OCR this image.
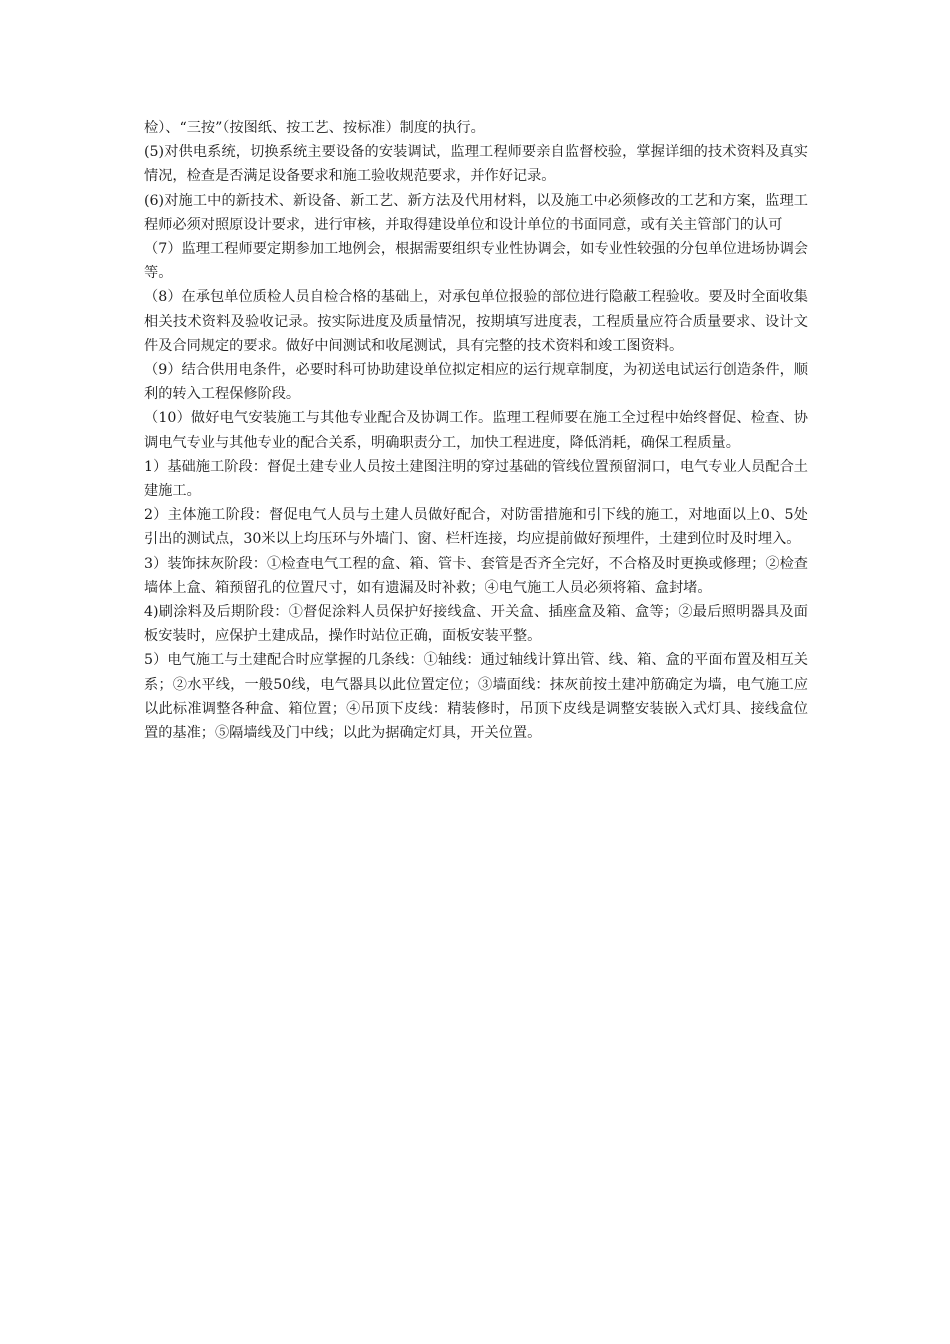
检）、“三按”（按图纸、按工艺、按标准）制度的执行。

(5)对供电系统，切换系统主要设备的安装调试，监理工程师要亲自监督校验，掌握详细的技术资料及真实情况，检查是否满足设备要求和施工验收规范要求，并作好记录。

(6)对施工中的新技术、新设备、新工艺、新方法及代用材料，以及施工中必须修改的工艺和方案，监理工程师必须对照原设计要求，进行审核，并取得建设单位和设计单位的书面同意，或有关主管部门的认可

（7）监理工程师要定期参加工地例会，根据需要组织专业性协调会，如专业性较强的分包单位进场协调会等。

（8）在承包单位质检人员自检合格的基础上，对承包单位报验的部位进行隐蔽工程验收。要及时全面收集相关技术资料及验收记录。按实际进度及质量情况，按期填写进度表，工程质量应符合质量要求、设计文件及合同规定的要求。做好中间测试和收尾测试，具有完整的技术资料和竣工图资料。

（9）结合供用电条件，必要时科可协助建设单位拟定相应的运行规章制度，为初送电试运行创造条件，顺利的转入工程保修阶段。

（10）做好电气安装施工与其他专业配合及协调工作。监理工程师要在施工全过程中始终督促、检查、协调电气专业与其他专业的配合关系，明确职责分工，加快工程进度，降低消耗，确保工程质量。

1）基础施工阶段：督促土建专业人员按土建图注明的穿过基础的管线位置预留洞口，电气专业人员配合土建施工。

2）主体施工阶段：督促电气人员与土建人员做好配合，对防雷措施和引下线的施工，对地面以上0、5处引出的测试点，30米以上均压环与外墙门、窗、栏杆连接，均应提前做好预埋件，土建到位时及时埋入。

3）装饰抹灰阶段：①检查电气工程的盒、箱、管卡、套管是否齐全完好，不合格及时更换或修理；②检查墙体上盒、箱预留孔的位置尺寸，如有遗漏及时补救；④电气施工人员必须将箱、盒封堵。

4)刷涂料及后期阶段：①督促涂料人员保护好接线盒、开关盒、插座盒及箱、盒等；②最后照明器具及面板安装时，应保护土建成品，操作时站位正确，面板安装平整。

5）电气施工与土建配合时应掌握的几条线：①轴线：通过轴线计算出管、线、箱、盒的平面布置及相互关系；②水平线，一般50线，电气器具以此位置定位；③墙面线：抹灰前按土建冲筋确定为墙，电气施工应以此标准调整各种盒、箱位置；④吊顶下皮线：精装修时，吊顶下皮线是调整安装嵌入式灯具、接线盒位置的基准；⑤隔墙线及门中线；以此为据确定灯具，开关位置。
